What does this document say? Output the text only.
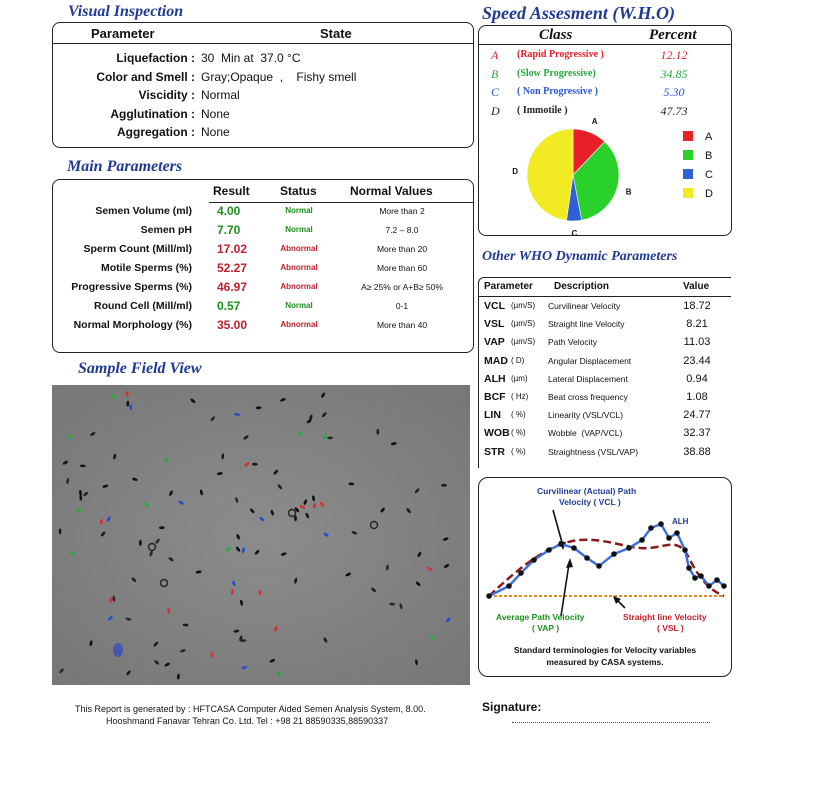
Visual Inspection
Parameter	State
Liquefaction : 30  Min at  37.0 °C
Color and Smell : Gray;Opaque  ,    Fishy smell
Viscidity : Normal
Agglutination : None
Aggregation : None
Main Parameters
Result	Status	Normal Values
Semen Volume (ml) 4.00	Normal	More than 2
Semen pH 7.70	Normal	7.2 – 8.0
Sperm Count (Mill/ml) 17.02	Abnormal	More than 20
Motile Sperms (%) 52.27	Abnormal	More than 60
Progressive Sperms (%) 46.97	Abnormal	A≥ 25% or A+B≥ 50%
Round Cell (Mill/ml) 0.57	Normal	0-1
Normal Morphology (%) 35.00	Abnormal	More than 40
Sample Field View
Speed Assesment (W.H.O)
Class	Percent
A (Rapid Progressive )	12.12
B (Slow Progressive)	34.85
C ( Non Progressive )	5.30
D ( Immotile )	47.73
A
B
C
D
A
B
C
D
Other WHO Dynamic Parameters
Parameter Description	Value
VCL (µm/S) Curvilinear Velocity	18.72
VSL (µm/S) Straight line Velocity	8.21
VAP (µm/S) Path Velocity	11.03
MAD ( D)	Angular Displacement	23.44
ALH (µm) Lateral Displacement	0.94
BCF ( Hz) Beat cross frequency	1.08
LIN ( %)	Linearity (VSL/VCL)	24.77
WOB ( %)	Wobble  (VAP/VCL)	32.37
STR ( %)	Straightness (VSL/VAP)	38.88
Curvilinear (Actual) Path
Velocity ( VCL )
ALH
Average Path Velocity
( VAP )
Straight line Velocity
( VSL )
Standard terminologies for Velocity variables
measured by CASA systems.
This Report is generated by : HFTCASA Computer Aided Semen Analysis System, 8.00.
Hooshmand Fanavar Tehran Co. Ltd. Tel : +98 21 88590335,88590337
Signature:
